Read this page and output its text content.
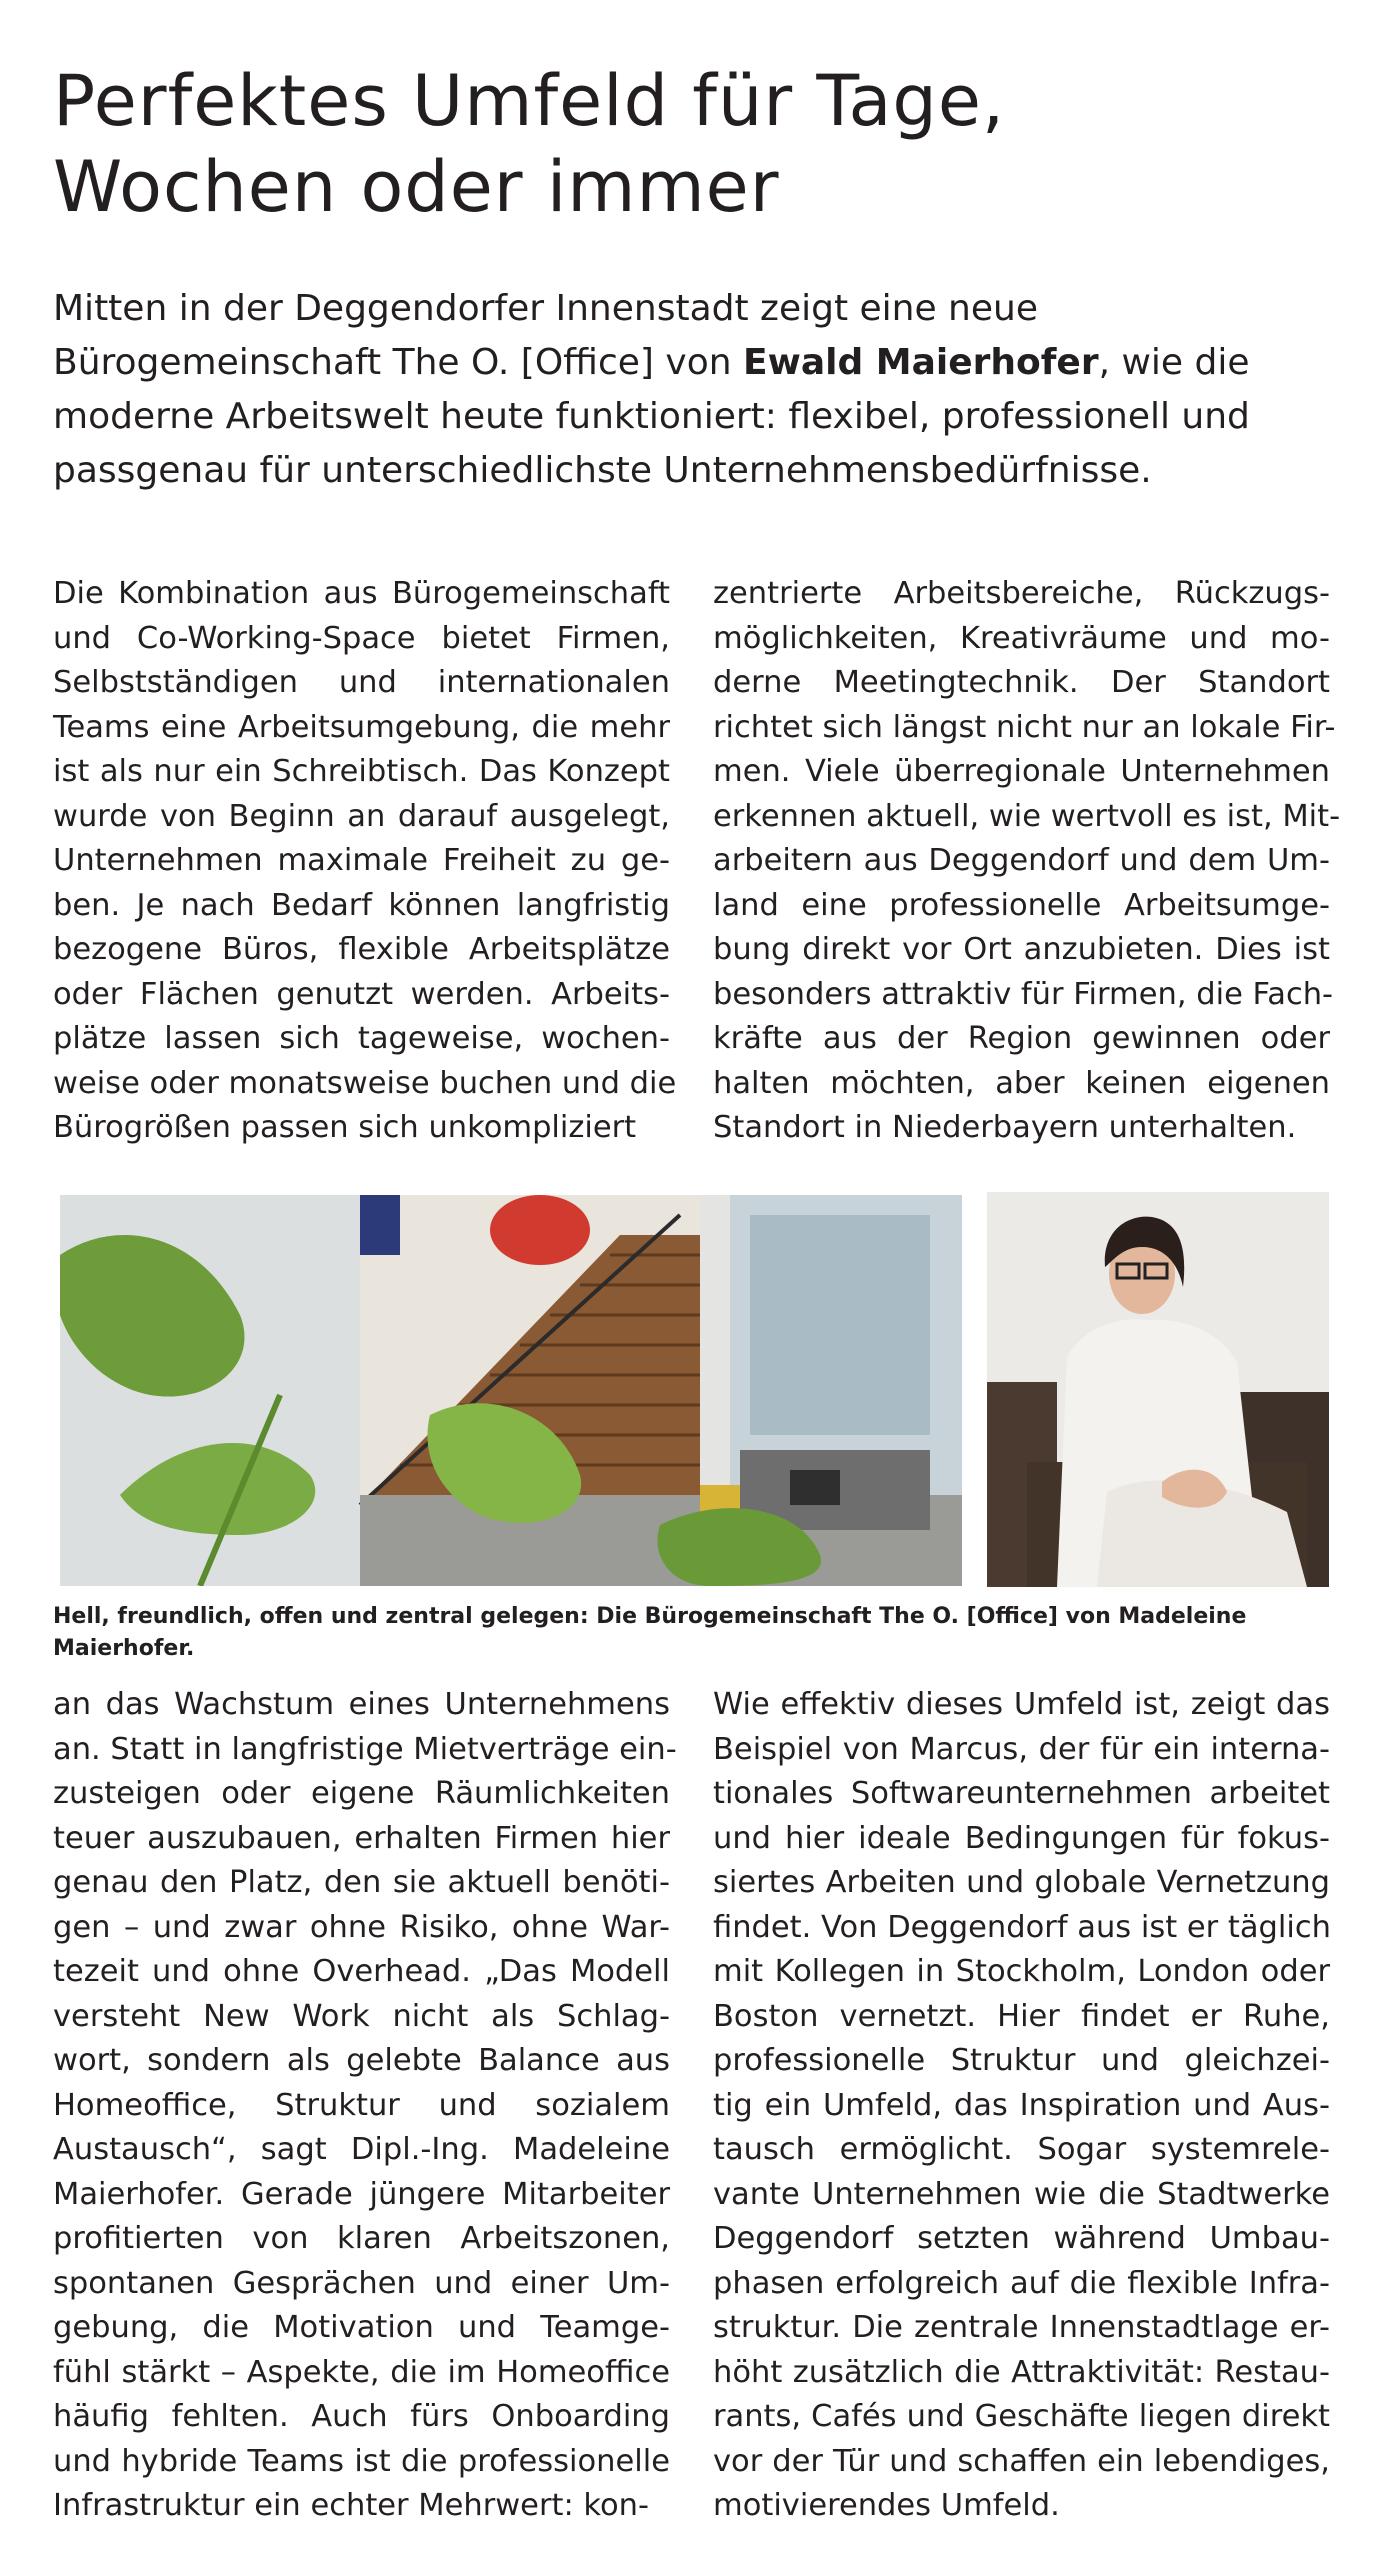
Perfektes Umfeld für Tage,
Wochen oder immer

Mitten in der Deggendorfer Innenstadt zeigt eine neue Bürogemeinschaft The O. [Office] von Ewald Maierhofer, wie die moderne Arbeitswelt heute funktioniert: flexibel, professionell und passgenau für unterschiedlichste Unternehmensbedürfnisse.

Die Kombination aus Bürogemeinschaft
und Co-Working-Space bietet Firmen,
Selbstständigen und internationalen
Teams eine Arbeitsumgebung, die mehr
ist als nur ein Schreibtisch. Das Konzept
wurde von Beginn an darauf ausgelegt,
Unternehmen maximale Freiheit zu ge-
ben. Je nach Bedarf können langfristig
bezogene Büros, flexible Arbeitsplätze
oder Flächen genutzt werden. Arbeits-
plätze lassen sich tageweise, wochen-
weise oder monatsweise buchen und die
Bürogrößen passen sich unkompliziert
zentrierte Arbeitsbereiche, Rückzugs-
möglichkeiten, Kreativräume und mo-
derne Meetingtechnik. Der Standort
richtet sich längst nicht nur an lokale Fir-
men. Viele überregionale Unternehmen
erkennen aktuell, wie wertvoll es ist, Mit-
arbeitern aus Deggendorf und dem Um-
land eine professionelle Arbeitsumge-
bung direkt vor Ort anzubieten. Dies ist
besonders attraktiv für Firmen, die Fach-
kräfte aus der Region gewinnen oder
halten möchten, aber keinen eigenen
Standort in Niederbayern unterhalten.

Hell, freundlich, offen und zentral gelegen: Die Bürogemeinschaft The O. [Office] von Madeleine Maierhofer.

an das Wachstum eines Unternehmens
an. Statt in langfristige Mietverträge ein-
zusteigen oder eigene Räumlichkeiten
teuer auszubauen, erhalten Firmen hier
genau den Platz, den sie aktuell benöti-
gen – und zwar ohne Risiko, ohne War-
tezeit und ohne Overhead. „Das Modell
versteht New Work nicht als Schlag-
wort, sondern als gelebte Balance aus
Homeoffice, Struktur und sozialem
Austausch“, sagt Dipl.-Ing. Madeleine
Maierhofer. Gerade jüngere Mitarbeiter
profitierten von klaren Arbeitszonen,
spontanen Gesprächen und einer Um-
gebung, die Motivation und Teamge-
fühl stärkt – Aspekte, die im Homeoffice
häufig fehlten. Auch fürs Onboarding
und hybride Teams ist die professionelle
Infrastruktur ein echter Mehrwert: kon-
Wie effektiv dieses Umfeld ist, zeigt das
Beispiel von Marcus, der für ein interna-
tionales Softwareunternehmen arbeitet
und hier ideale Bedingungen für fokus-
siertes Arbeiten und globale Vernetzung
findet. Von Deggendorf aus ist er täglich
mit Kollegen in Stockholm, London oder
Boston vernetzt. Hier findet er Ruhe,
professionelle Struktur und gleichzei-
tig ein Umfeld, das Inspiration und Aus-
tausch ermöglicht. Sogar systemrele-
vante Unternehmen wie die Stadtwerke
Deggendorf setzten während Umbau-
phasen erfolgreich auf die flexible Infra-
struktur. Die zentrale Innenstadtlage er-
höht zusätzlich die Attraktivität: Restau-
rants, Cafés und Geschäfte liegen direkt
vor der Tür und schaffen ein lebendiges,
motivierendes Umfeld.
